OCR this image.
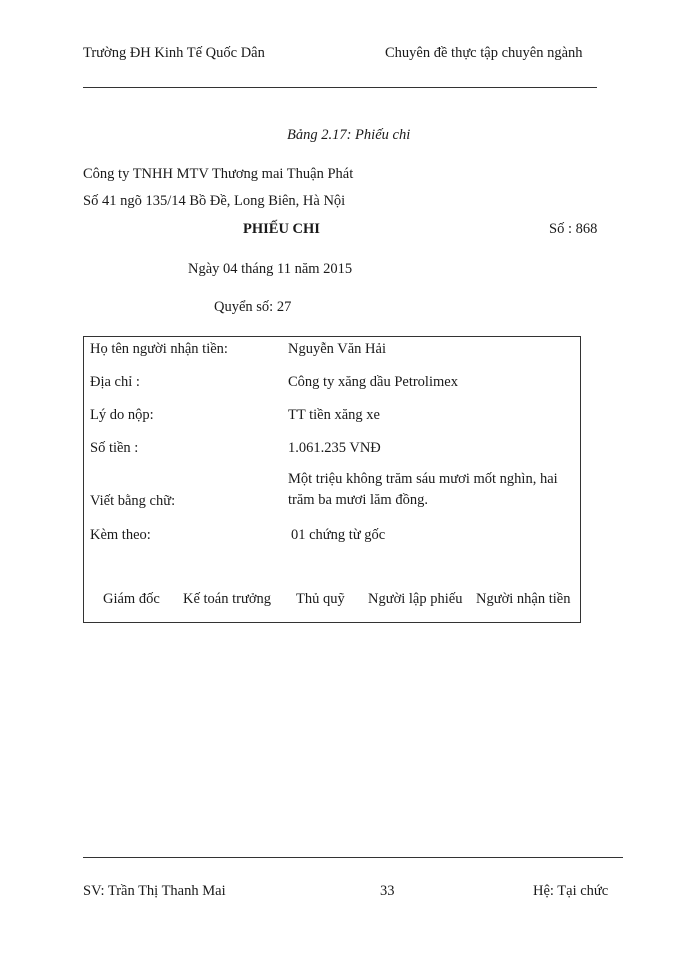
Trường ĐH Kinh Tế Quốc Dân	Chuyên đề thực tập chuyên ngành
Bảng 2.17: Phiếu chi
Công ty TNHH MTV Thương mai Thuận Phát
Số 41 ngõ 135/14 Bồ Đề, Long Biên, Hà Nội
PHIẾU CHI	Số : 868
Ngày 04 tháng 11 năm 2015
Quyển số: 27
Họ tên người nhận tiền:	Nguyễn Văn Hải
Địa chỉ :	Công ty xăng dầu Petrolimex
Lý do nộp:	TT tiền xăng xe
Số tiền :	1.061.235 VNĐ
Viết bằng chữ:
Một triệu không trăm sáu mươi mốt nghìn, hai trăm ba mươi lăm đồng.
Kèm theo:	01 chứng từ gốc
Giám đốc Kế toán trưởng Thủ quỹ Người lập phiếu Người nhận tiền
SV: Trần Thị Thanh Mai	33	Hệ: Tại chức
